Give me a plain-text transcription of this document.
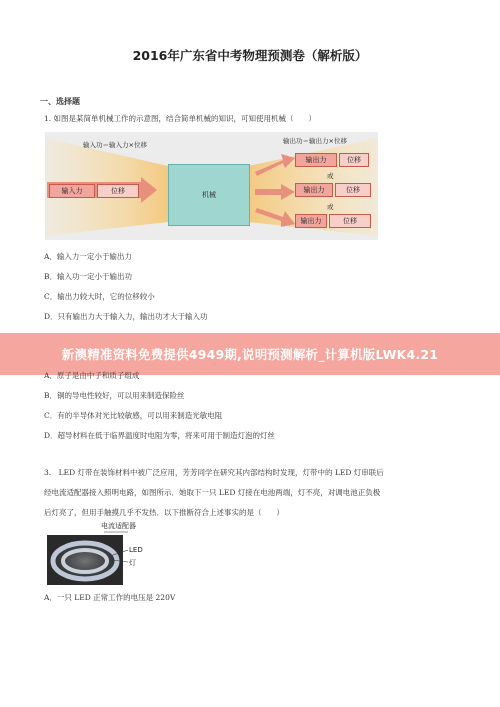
2016年广东省中考物理预测卷（解析版）
一、选择题
1. 如图是某简单机械工作的示意图，结合简单机械的知识，可知使用机械（　　）
输入功＝输入力×位移	输出功＝输出力×位移
输入力	位移	机械
输出力	位移
或
输出力	位移
或
输出力	位移
A．输入力一定小于输出力
B．输入功一定小于输出功
C．输出力较大时，它的位移较小
D．只有输出力大于输入力，输出功才大于输入功
新澳精准资料免费提供4949期,说明预测解析_计算机版LWK4.21
A．原子是由中子和质子组成
B．铜的导电性较好，可以用来制造保险丝
C．有的半导体对光比较敏感，可以用来制造光敏电阻
D．超导材料在低于临界温度时电阻为零，将来可用于制造灯泡的灯丝
3.　LED 灯带在装饰材料中被广泛应用，芳芳同学在研究其内部结构时发现，灯带中的 LED 灯串联后
经电流适配器接入照明电路，如图所示．她取下一只 LED 灯接在电池两端，灯不亮，对调电池正负极
后灯亮了，但用手触摸几乎不发热．以下推断符合上述事实的是（　　）
电流适配器
LED
灯
A．一只 LED 正常工作的电压是 220V
